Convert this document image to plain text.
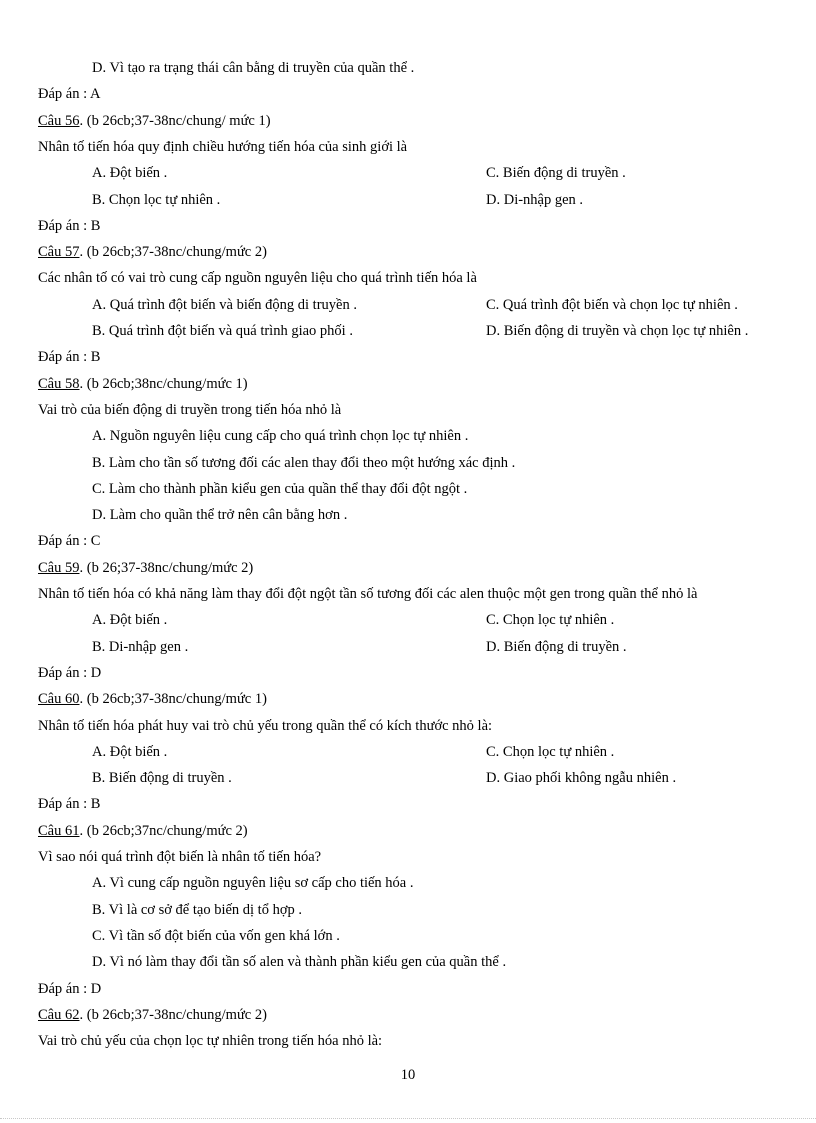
D. Vì tạo ra trạng thái cân bằng di truyền của quần thể .
Đáp án : A
Câu 56. (b 26cb;37-38nc/chung/ mức 1)
Nhân tố tiến hóa quy định chiều hướng tiến hóa của sinh giới là
A. Đột biến .	C. Biến động di truyền .
B. Chọn lọc tự nhiên .	D. Di-nhập gen .
Đáp án : B
Câu 57. (b 26cb;37-38nc/chung/mức 2)
Các nhân tố có vai trò cung cấp nguồn nguyên liệu cho quá trình tiến hóa là
A. Quá trình đột biến và biến động di truyền .	C. Quá trình đột biến và chọn lọc tự nhiên .
B. Quá trình đột biến và quá trình giao phối .	D. Biến động di truyền và chọn lọc tự nhiên .
Đáp án : B
Câu 58. (b 26cb;38nc/chung/mức 1)
Vai trò của biến động di truyền trong tiến hóa nhỏ là
A. Nguồn nguyên liệu cung cấp cho quá trình chọn lọc tự nhiên .
B. Làm cho tần số tương đối các alen thay đổi theo một hướng xác định .
C. Làm cho thành phần kiểu gen của quần thể thay đổi đột ngột .
D. Làm cho quần thể trở nên cân bằng hơn .
Đáp án : C
Câu 59. (b 26;37-38nc/chung/mức 2)
Nhân tố tiến hóa có khả năng làm thay đổi đột ngột tần số tương đối các alen thuộc một gen trong quần thể nhỏ là
A. Đột biến .	C. Chọn lọc tự nhiên .
B. Di-nhập gen .	D. Biến động di truyền .
Đáp án : D
Câu 60. (b 26cb;37-38nc/chung/mức 1)
Nhân tố tiến hóa phát huy vai trò chủ yếu trong quần thể có kích thước nhỏ là:
A. Đột biến .	C. Chọn lọc tự nhiên .
B. Biến động di truyền .	D. Giao phối không ngẫu nhiên .
Đáp án : B
Câu 61. (b 26cb;37nc/chung/mức 2)
Vì sao nói quá trình đột biến là nhân tố tiến hóa?
A. Vì cung cấp nguồn nguyên liệu sơ cấp cho tiến hóa .
B. Vì là cơ sở để tạo biến dị tổ hợp .
C. Vì tần số đột biến của vốn gen khá lớn .
D. Vì nó làm thay đổi tần số alen và thành phần kiểu gen của quần thể .
Đáp án : D
Câu 62. (b 26cb;37-38nc/chung/mức 2)
Vai trò chủ yếu của chọn lọc tự nhiên trong tiến hóa nhỏ là:
10
